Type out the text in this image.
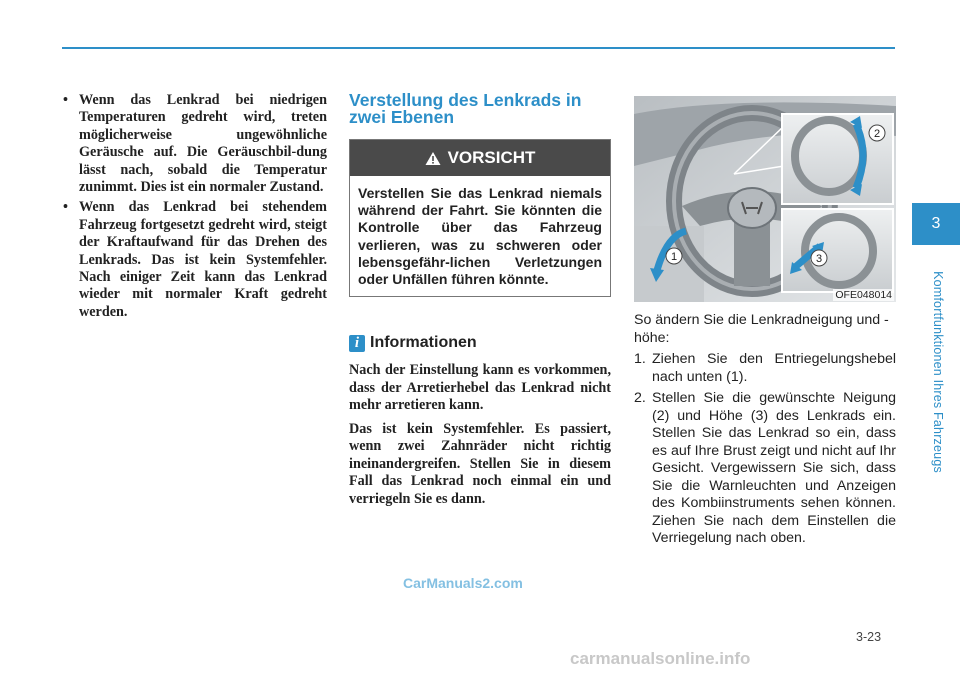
• Wenn das Lenkrad bei niedrigen Temperaturen gedreht wird, treten möglicherweise ungewöhnliche Geräusche auf. Die Geräuschbil-dung lässt nach, sobald die Temperatur zunimmt. Dies ist ein normaler Zustand.
• Wenn das Lenkrad bei stehendem Fahrzeug fortgesetzt gedreht wird, steigt der Kraftaufwand für das Drehen des Lenkrads. Das ist kein Systemfehler. Nach einiger Zeit kann das Lenkrad wieder mit normaler Kraft gedreht werden.
Verstellung des Lenkrads in zwei Ebenen
VORSICHT
Verstellen Sie das Lenkrad niemals während der Fahrt. Sie könnten die Kontrolle über das Fahrzeug verlieren, was zu schweren oder lebensgefähr-lichen Verletzungen oder Unfällen führen könnte.
i Informationen

Nach der Einstellung kann es vorkommen, dass der Arretierhebel das Lenkrad nicht mehr arretieren kann.

Das ist kein Systemfehler. Es passiert, wenn zwei Zahnräder nicht richtig ineinandergreifen. Stellen Sie in diesem Fall das Lenkrad noch einmal ein und verriegeln Sie es dann.

1
2
3
OFE048014

So ändern Sie die Lenkradneigung und -höhe:

1. Ziehen Sie den Entriegelungshebel nach unten (1).
2. Stellen Sie die gewünschte Neigung (2) und Höhe (3) des Lenkrads ein. Stellen Sie das Lenkrad so ein, dass es auf Ihre Brust zeigt und nicht auf Ihr Gesicht. Vergewissern Sie sich, dass Sie die Warnleuchten und Anzeigen des Kombiinstruments sehen können. Ziehen Sie nach dem Einstellen die Verriegelung nach oben.
CarManuals2.com
3-23
carmanualsonline.info
3
Komfortfunktionen Ihres Fahrzeugs
